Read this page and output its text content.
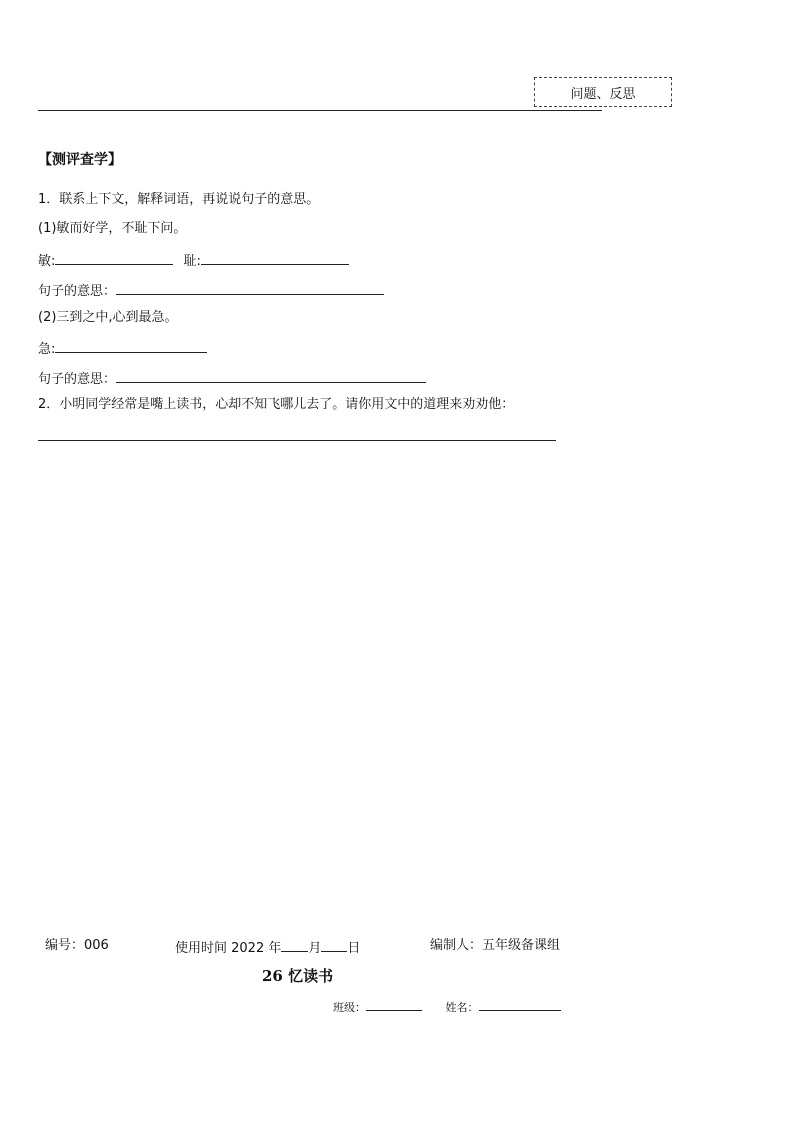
问题、反思
【测评查学】
1．联系上下文，解释词语，再说说句子的意思。
(1)敏而好学，不耻下问。
敏:	耻:
句子的意思：
(2)三到之中,心到最急。
急:
句子的意思：
2．小明同学经常是嘴上读书，心却不知飞哪儿去了。请你用文中的道理来劝劝他：
编号：006	使用时间 2022 年 月 日	编制人：五年级备课组
26 忆读书
班级：	姓名：
